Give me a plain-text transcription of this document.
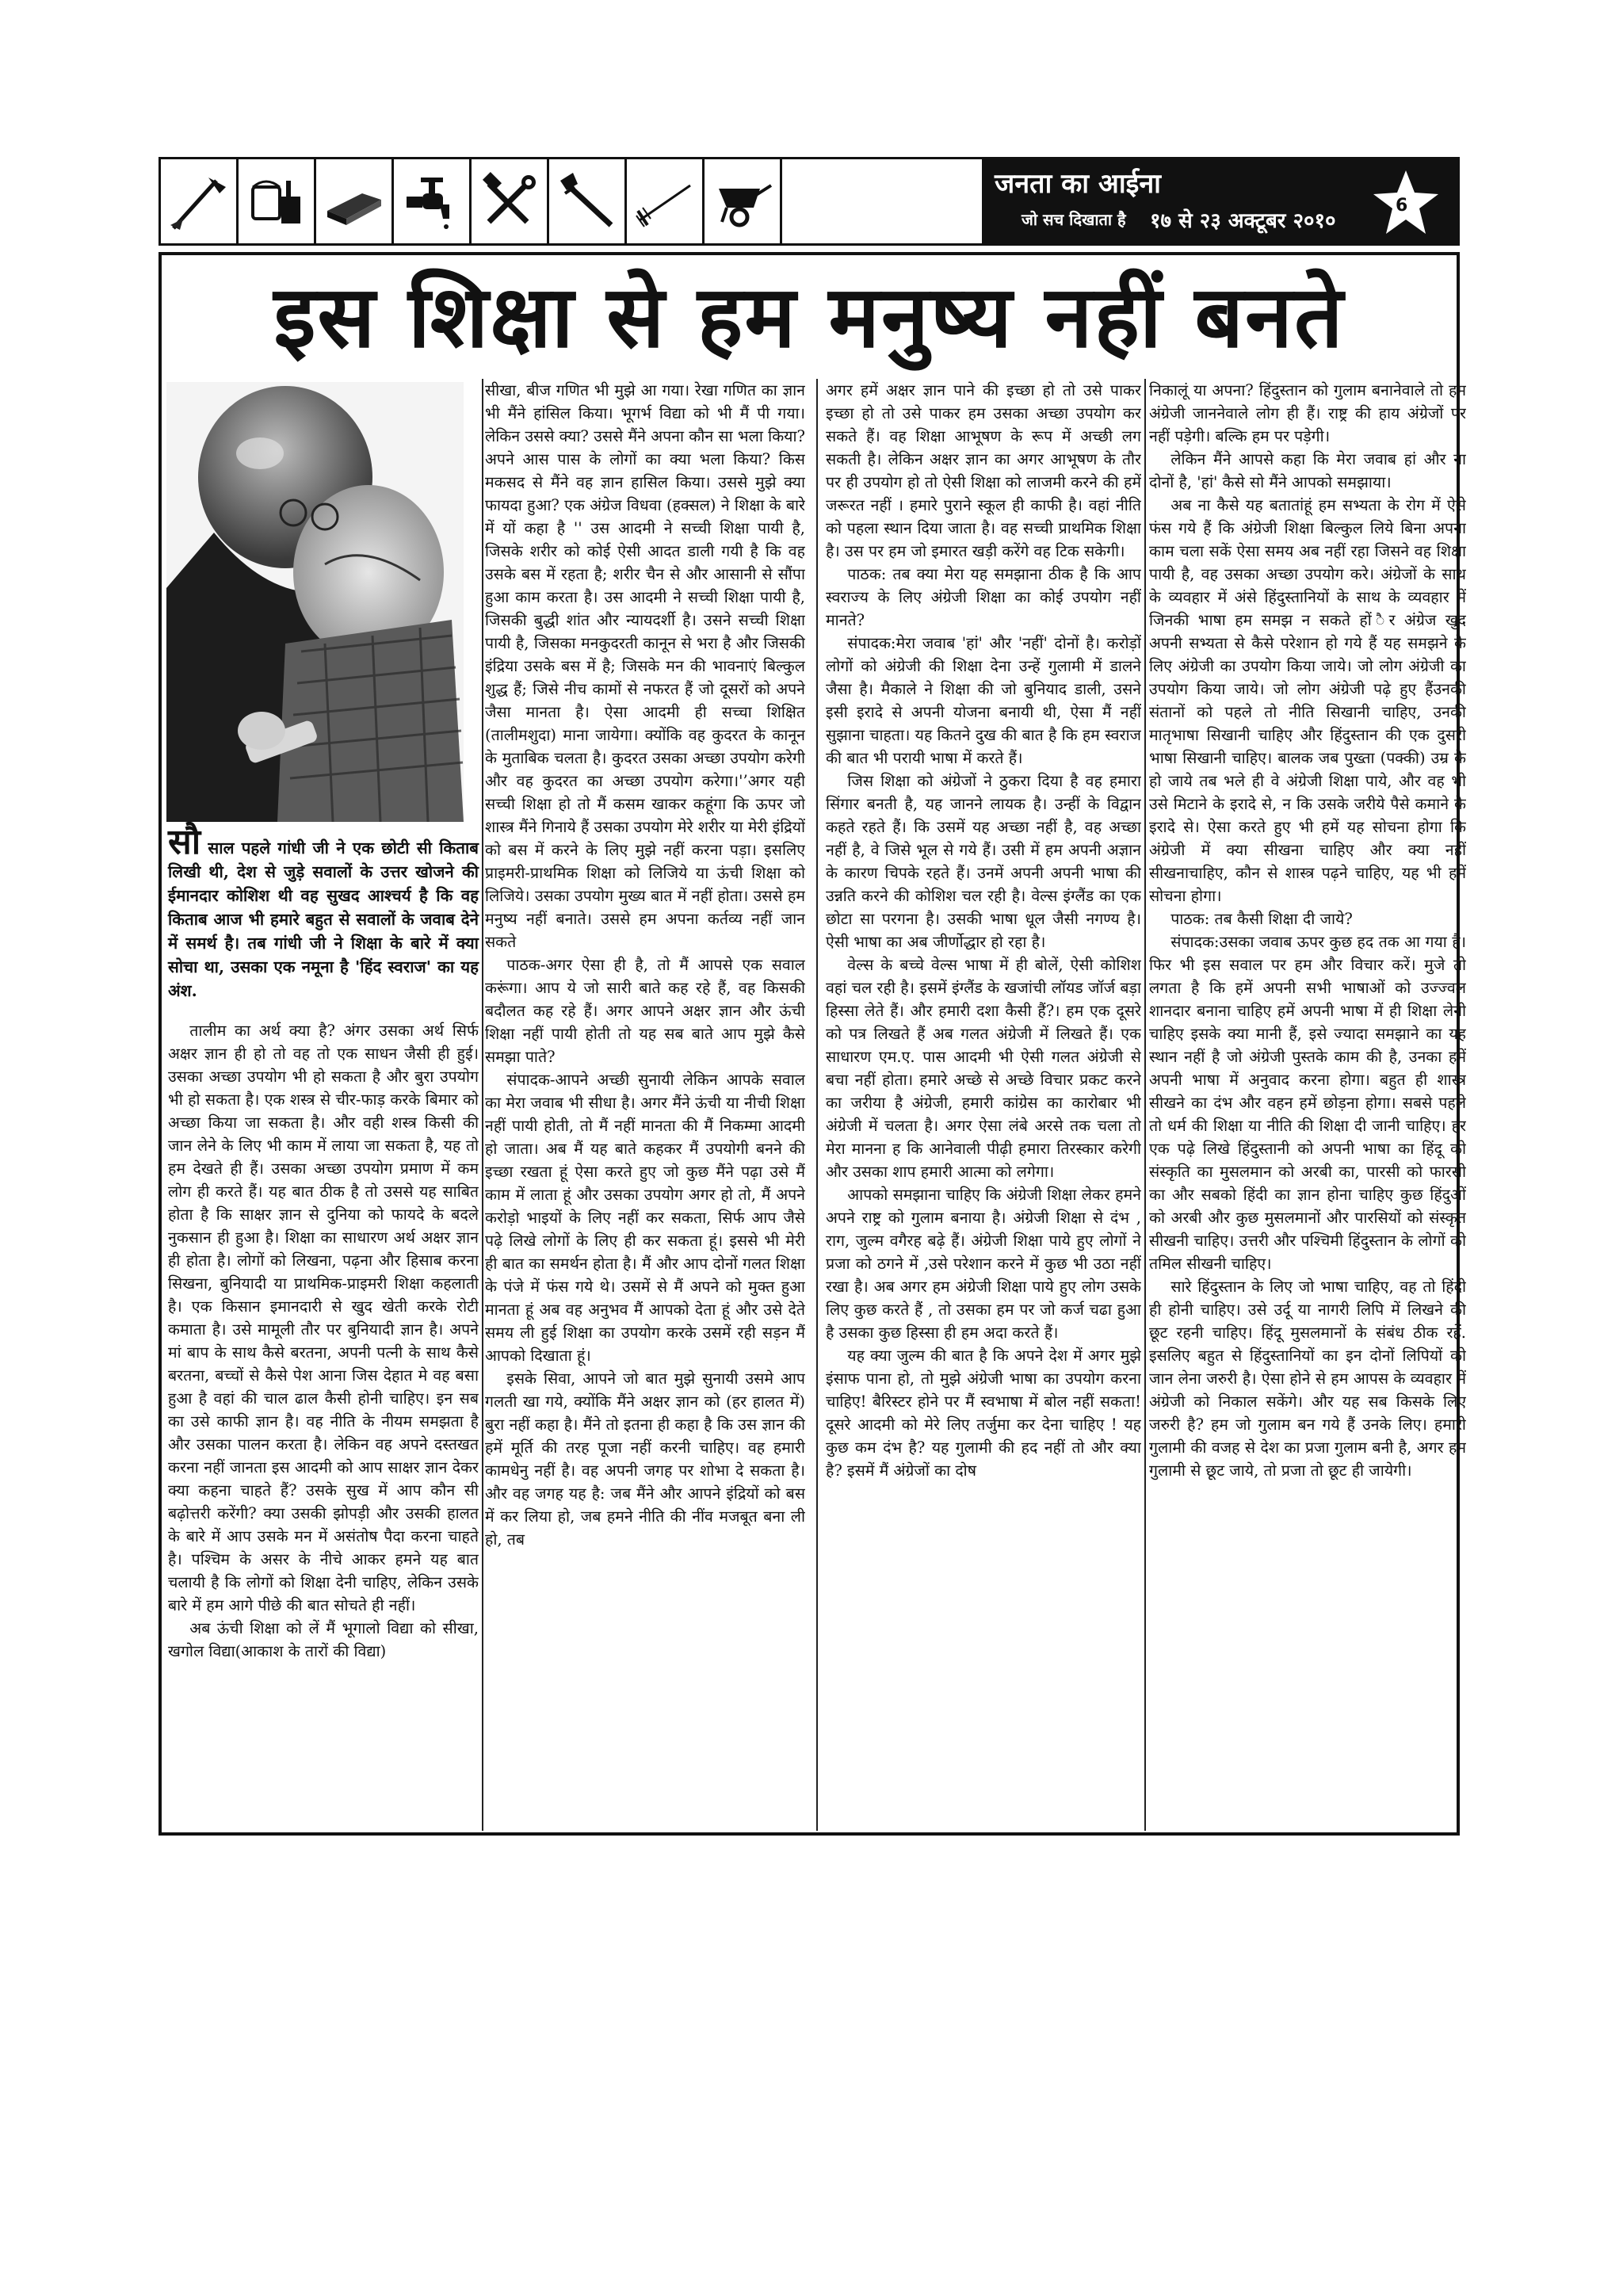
जनता का आईना
जो सच दिखाता है १७ से २३ अक्टूबर २०१०
6
इस शिक्षा से हम मनुष्य नहीं बनते
सौ साल पहले गांधी जी ने एक छोटी सी किताब लिखी थी, देश से जुड़े सवालों के उत्तर खोजने की ईमानदार कोशिश थी वह सुखद आश्चर्य है कि वह किताब आज भी हमारे बहुत से सवालों के जवाब देने में समर्थ है। तब गांधी जी ने शिक्षा के बारे में क्या सोचा था, उसका एक नमूना है 'हिंद स्वराज' का यह अंश.

तालीम का अर्थ क्या है? अंगर उसका अर्थ सिर्फ अक्षर ज्ञान ही हो तो वह तो एक साधन जैसी ही हुई। उसका अच्छा उपयोग भी हो सकता है और बुरा उपयोग भी हो सकता है। एक शस्त्र से चीर-फाड़ करके बिमार को अच्छा किया जा सकता है। और वही शस्त्र किसी की जान लेने के लिए भी काम में लाया जा सकता है, यह तो हम देखते ही हैं। उसका अच्छा उपयोग प्रमाण में कम लोग ही करते हैं। यह बात ठीक है तो उससे यह साबित होता है कि साक्षर ज्ञान से दुनिया को फायदे के बदले नुकसान ही हुआ है। शिक्षा का साधारण अर्थ अक्षर ज्ञान ही होता है। लोगों को लिखना, पढ़ना और हिसाब करना सिखना, बुनियादी या प्राथमिक-प्राइमरी शिक्षा कहलाती है। एक किसान इमानदारी से खुद खेती करके रोटी कमाता है। उसे मामूली तौर पर बुनियादी ज्ञान है। अपने मां बाप के साथ कैसे बरतना, अपनी पत्नी के साथ कैसे बरतना, बच्चों से कैसे पेश आना जिस देहात मे वह बसा हुआ है वहां की चाल ढाल कैसी होनी चाहिए। इन सब का उसे काफी ज्ञान है। वह नीति के नीयम समझता है और उसका पालन करता है। लेकिन वह अपने दस्तखत करना नहीं जानता इस आदमी को आप साक्षर ज्ञान देकर क्या कहना चाहते हैं? उसके सुख में आप कौन सी बढ़ोत्तरी करेंगी? क्या उसकी झोपड़ी और उसकी हालत के बारे में आप उसके मन में असंतोष पैदा करना चाहते है। पश्चिम के असर के नीचे आकर हमने यह बात चलायी है कि लोगों को शिक्षा देनी चाहिए, लेकिन उसके बारे में हम आगे पीछे की बात सोचते ही नहीं।

अब ऊंची शिक्षा को लें मैं भूगालो विद्या को सीखा, खगोल विद्या(आकाश के तारों की विद्या)

सीखा, बीज गणित भी मुझे आ गया। रेखा गणित का ज्ञान भी मैंने हांसिल किया। भूगर्भ विद्या को भी मैं पी गया। लेकिन उससे क्या? उससे मैंने अपना कौन सा भला किया? अपने आस पास के लोगों का क्या भला किया? किस मकसद से मैंने वह ज्ञान हासिल किया। उससे मुझे क्या फायदा हुआ? एक अंग्रेज विधवा (हक्सल) ने शिक्षा के बारे में यों कहा है '' उस आदमी ने सच्ची शिक्षा पायी है, जिसके शरीर को कोई ऐसी आदत डाली गयी है कि वह उसके बस में रहता है; शरीर चैन से और आसानी से सौंपा हुआ काम करता है। उस आदमी ने सच्ची शिक्षा पायी है, जिसकी बुद्धी शांत और न्यायदर्शी है। उसने सच्ची शिक्षा पायी है, जिसका मनकुदरती कानून से भरा है और जिसकी इंद्रिया उसके बस में है; जिसके मन की भावनाएं बिल्कुल शुद्ध हैं; जिसे नीच कामों से नफरत हैं जो दूसरों को अपने जैसा मानता है। ऐसा आदमी ही सच्चा शिक्षित (तालीमशुदा) माना जायेगा। क्योंकि वह कुदरत के कानून के मुताबिक चलता है। कुदरत उसका अच्छा उपयोग करेगी और वह कुदरत का अच्छा उपयोग करेगा।'’अगर यही सच्ची शिक्षा हो तो मैं कसम खाकर कहूंगा कि ऊपर जो शास्त्र मैंने गिनाये हैं उसका उपयोग मेरे शरीर या मेरी इंद्रियों को बस में करने के लिए मुझे नहीं करना पड़ा। इसलिए प्राइमरी-प्राथमिक शिक्षा को लिजिये या ऊंची शिक्षा को लिजिये। उसका उपयोग मुख्य बात में नहीं होता। उससे हम मनुष्य नहीं बनाते। उससे हम अपना कर्तव्य नहीं जान सकते

पाठक-अगर ऐसा ही है, तो मैं आपसे एक सवाल करूंगा। आप ये जो सारी बाते कह रहे हैं, वह किसकी बदौलत कह रहे हैं। अगर आपने अक्षर ज्ञान और ऊंची शिक्षा नहीं पायी होती तो यह सब बाते आप मुझे कैसे समझा पाते?

संपादक-आपने अच्छी सुनायी लेकिन आपके सवाल का मेरा जवाब भी सीधा है। अगर मैंने ऊंची या नीची शिक्षा नहीं पायी होती, तो मैं नहीं मानता की मैं निकम्मा आदमी हो जाता। अब मैं यह बाते कहकर मैं उपयोगी बनने की इच्छा रखता हूं ऐसा करते हुए जो कुछ मैंने पढ़ा उसे मैं काम में लाता हूं और उसका उपयोग अगर हो तो, मैं अपने करोड़ो भाइयों के लिए नहीं कर सकता, सिर्फ आप जैसे पढ़े लिखे लोगों के लिए ही कर सकता हूं। इससे भी मेरी ही बात का समर्थन होता है। मैं और आप दोनों गलत शिक्षा के पंजे में फंस गये थे। उसमें से मैं अपने को मुक्त हुआ मानता हूं अब वह अनुभव मैं आपको देता हूं और उसे देते समय ली हुई शिक्षा का उपयोग करके उसमें रही सड़न मैं आपको दिखाता हूं।

इसके सिवा, आपने जो बात मुझे सुनायी उसमे आप गलती खा गये, क्योंकि मैंने अक्षर ज्ञान को (हर हालत में) बुरा नहीं कहा है। मैंने तो इतना ही कहा है कि उस ज्ञान की हमें मूर्ति की तरह पूजा नहीं करनी चाहिए। वह हमारी कामधेनु नहीं है। वह अपनी जगह पर शोभा दे सकता है। और वह जगह यह है: जब मैंने और आपने इंद्रियों को बस में कर लिया हो, जब हमने नीति की नींव मजबूत बना ली हो, तब

अगर हमें अक्षर ज्ञान पाने की इच्छा हो तो उसे पाकर इच्छा हो तो उसे पाकर हम उसका अच्छा उपयोग कर सकते हैं। वह शिक्षा आभूषण के रूप में अच्छी लग सकती है। लेकिन अक्षर ज्ञान का अगर आभूषण के तौर पर ही उपयोग हो तो ऐसी शिक्षा को लाजमी करने की हमें जरूरत नहीं । हमारे पुराने स्कूल ही काफी है। वहां नीति को पहला स्थान दिया जाता है। वह सच्ची प्राथमिक शिक्षा है। उस पर हम जो इमारत खड़ी करेंगे वह टिक सकेगी।

पाठक: तब क्या मेरा यह समझाना ठीक है कि आप स्वराज्य के लिए अंग्रेजी शिक्षा का कोई उपयोग नहीं मानते?

संपादक:मेरा जवाब 'हां' और 'नहीं' दोनों है। करोड़ों लोगों को अंग्रेजी की शिक्षा देना उन्हें गुलामी में डालने जैसा है। मैकाले ने शिक्षा की जो बुनियाद डाली, उसने इसी इरादे से अपनी योजना बनायी थी, ऐसा मैं नहीं सुझाना चाहता। यह कितने दुख की बात है कि हम स्वराज की बात भी परायी भाषा में करते हैं।

जिस शिक्षा को अंग्रेजों ने ठुकरा दिया है वह हमारा सिंगार बनती है, यह जानने लायक है। उन्हीं के विद्वान कहते रहते हैं। कि उसमें यह अच्छा नहीं है, वह अच्छा नहीं है, वे जिसे भूल से गये हैं। उसी में हम अपनी अज्ञान के कारण चिपके रहते हैं। उनमें अपनी अपनी भाषा की उन्नति करने की कोशिश चल रही है। वेल्स इंग्लैंड का एक छोटा सा परगना है। उसकी भाषा धूल जैसी नगण्य है। ऐसी भाषा का अब जीर्णोद्धार हो रहा है।

वेल्स के बच्चे वेल्स भाषा में ही बोलें, ऐसी कोशिश वहां चल रही है। इसमें इंग्लैंड के खजांची लॉयड जॉर्ज बड़ा हिस्सा लेते हैं। और हमारी दशा कैसी हैं?। हम एक दूसरे को पत्र लिखते हैं अब गलत अंग्रेजी में लिखते हैं। एक साधारण एम.ए. पास आदमी भी ऐसी गलत अंग्रेजी से बचा नहीं होता। हमारे अच्छे से अच्छे विचार प्रकट करने का जरीया है अंग्रेजी, हमारी कांग्रेस का कारोबार भी अंग्रेजी में चलता है। अगर ऐसा लंबे अरसे तक चला तो मेरा मानना ह कि आनेवाली पीढ़ी हमारा तिरस्कार करेगी और उसका शाप हमारी आत्मा को लगेगा।

आपको समझाना चाहिए कि अंग्रेजी शिक्षा लेकर हमने अपने राष्ट्र को गुलाम बनाया है। अंग्रेजी शिक्षा से दंभ , राग, जुल्म वगैरह बढ़े हैं। अंग्रेजी शिक्षा पाये हुए लोगों ने प्रजा को ठगने में ,उसे परेशान करने में कुछ भी उठा नहीं रखा है। अब अगर हम अंग्रेजी शिक्षा पाये हुए लोग उसके लिए कुछ करते हैं , तो उसका हम पर जो कर्ज चढा हुआ है उसका कुछ हिस्सा ही हम अदा करते हैं।

यह क्या जुल्म की बात है कि अपने देश में अगर मुझे इंसाफ पाना हो, तो मुझे अंग्रेजी भाषा का उपयोग करना चाहिए! बैरिस्टर होने पर मैं स्वभाषा में बोल नहीं सकता! दूसरे आदमी को मेरे लिए तर्जुमा कर देना चाहिए ! यह कुछ कम दंभ है? यह गुलामी की हद नहीं तो और क्या है? इसमें मैं अंग्रेजों का दोष

निकालूं या अपना? हिंदुस्तान को गुलाम बनानेवाले तो हम अंग्रेजी जाननेवाले लोग ही हैं। राष्ट्र की हाय अंग्रेजों पर नहीं पड़ेगी। बल्कि हम पर पड़ेगी।

लेकिन मैंने आपसे कहा कि मेरा जवाब हां और ना दोनों है, 'हां' कैसे सो मैंने आपको समझाया।

अब ना कैसे यह बतातांहूं हम सभ्यता के रोग में ऐसे फंस गये हैं कि अंग्रेजी शिक्षा बिल्कुल लिये बिना अपना काम चला सकें ऐसा समय अब नहीं रहा जिसने वह शिक्षा पायी है, वह उसका अच्छा उपयोग करे। अंग्रेजों के साथ के व्यवहार में अंसे हिंदुस्तानियों के साथ के व्यवहार में जिनकी भाषा हम समझ न सकते हों ैर अंग्रेज खुद अपनी सभ्यता से कैसे परेशान हो गये हैं यह समझने के लिए अंग्रेजी का उपयोग किया जाये। जो लोग अंग्रेजी का उपयोग किया जाये। जो लोग अंग्रेजी पढ़े हुए हैंउनकी संतानों को पहले तो नीति सिखानी चाहिए, उनकी मातृभाषा सिखानी चाहिए और हिंदुस्तान की एक दुसरी भाषा सिखानी चाहिए। बालक जब पुख्ता (पक्की) उम्र के हो जाये तब भले ही वे अंग्रेजी शिक्षा पाये, और वह भी उसे मिटाने के इरादे से, न कि उसके जरीये पैसे कमाने के इरादे से। ऐसा करते हुए भी हमें यह सोचना होगा कि अंग्रेजी में क्या सीखना चाहिए और क्या नहीं सीखनाचाहिए, कौन से शास्त्र पढ़ने चाहिए, यह भी हमें सोचना होगा।

पाठक: तब कैसी शिक्षा दी जाये?

संपादक:उसका जवाब ऊपर कुछ हद तक आ गया है। फिर भी इस सवाल पर हम और विचार करें। मुजे तो लगता है कि हमें अपनी सभी भाषाओं को उज्ज्वल शानदार बनाना चाहिए हमें अपनी भाषा में ही शिक्षा लेनी चाहिए इसके क्या मानी हैं, इसे ज्यादा समझाने का यह स्थान नहीं है जो अंग्रेजी पुस्तके काम की है, उनका हमें अपनी भाषा में अनुवाद करना होगा। बहुत ही शास्त्र सीखने का दंभ और वहन हमें छोड़ना होगा। सबसे पहले तो धर्म की शिक्षा या नीति की शिक्षा दी जानी चाहिए। हर एक पढ़े लिखे हिंदुस्तानी को अपनी भाषा का हिंदू को संस्कृति का मुसलमान को अरबी का, पारसी को फारसी का और सबको हिंदी का ज्ञान होना चाहिए कुछ हिंदुओं को अरबी और कुछ मुसलमानों और पारसियों को संस्कृत सीखनी चाहिए। उत्तरी और पश्चिमी हिंदुस्तान के लोगों को तमिल सीखनी चाहिए।

सारे हिंदुस्तान के लिए जो भाषा चाहिए, वह तो हिंदी ही होनी चाहिए। उसे उर्दू या नागरी लिपि में लिखने की छूट रहनी चाहिए। हिंदू मुसलमानों के संबंध ठीक रहें. इसलिए बहुत से हिंदुस्तानियों का इन दोनों लिपियों को जान लेना जरुरी है। ऐसा होने से हम आपस के व्यवहार में अंग्रेजी को निकाल सकेंगे। और यह सब किसके लिए जरुरी है? हम जो गुलाम बन गये हैं उनके लिए। हमारी गुलामी की वजह से देश का प्रजा गुलाम बनी है, अगर हम गुलामी से छूट जाये, तो प्रजा तो छूट ही जायेगी।
